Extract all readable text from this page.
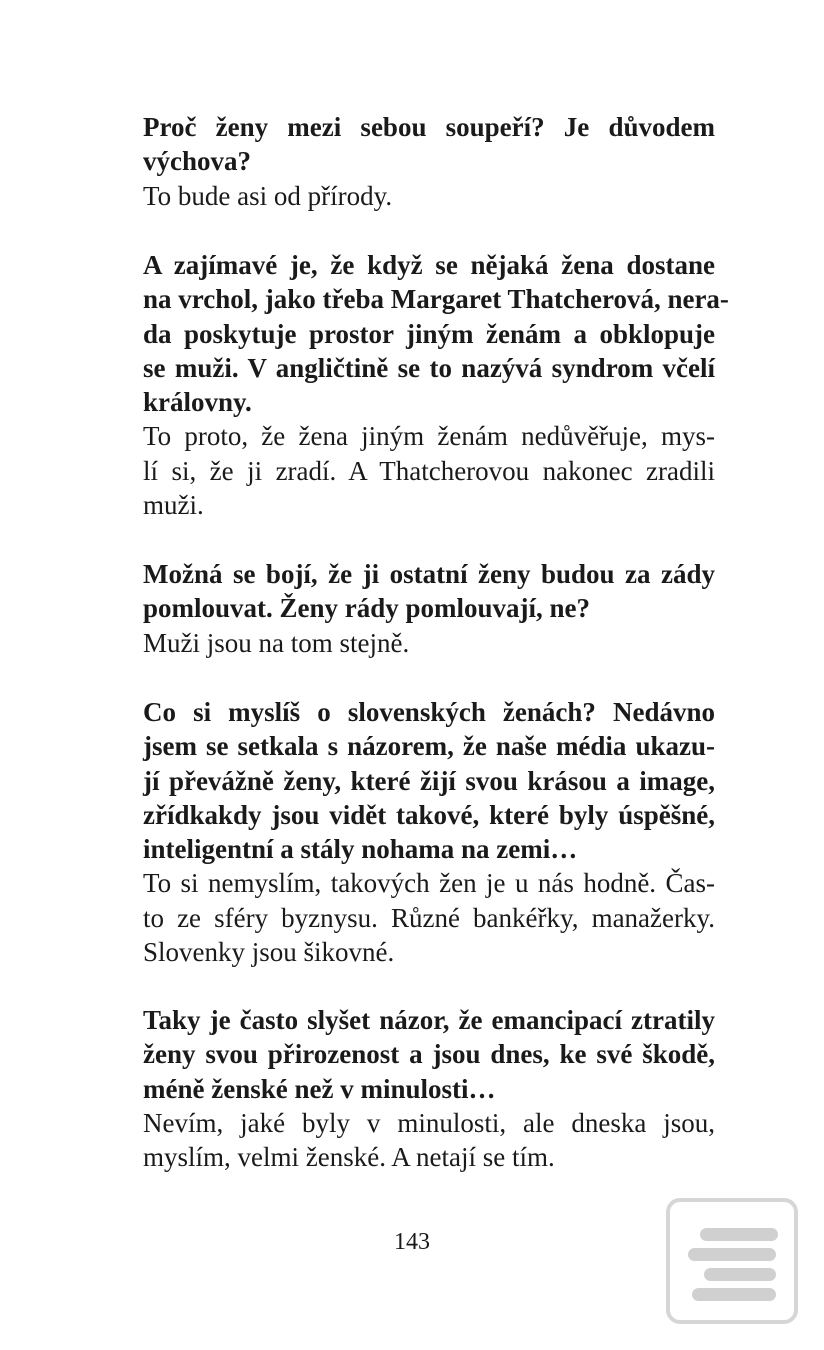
Proč ženy mezi sebou soupeří? Je důvodem
výchova?
To bude asi od přírody.
A zajímavé je, že když se nějaká žena dostane
na vrchol, jako třeba Margaret Thatcherová, nera-
da poskytuje prostor jiným ženám a obklopuje
se muži. V angličtině se to nazývá syndrom včelí
královny.
To proto, že žena jiným ženám nedůvěřuje, mys-
lí si, že ji zradí. A Thatcherovou nakonec zradili
muži.
Možná se bojí, že ji ostatní ženy budou za zády
pomlouvat. Ženy rády pomlouvají, ne?
Muži jsou na tom stejně.
Co si myslíš o slovenských ženách? Nedávno
jsem se setkala s názorem, že naše média ukazu-
jí převážně ženy, které žijí svou krásou a image,
zřídkakdy jsou vidět takové, které byly úspěšné,
inteligentní a stály nohama na zemi…
To si nemyslím, takových žen je u nás hodně. Čas-
to ze sféry byznysu. Různé bankéřky, manažerky.
Slovenky jsou šikovné.
Taky je často slyšet názor, že emancipací ztratily
ženy svou přirozenost a jsou dnes, ke své škodě,
méně ženské než v minulosti…
Nevím, jaké byly v minulosti, ale dneska jsou,
myslím, velmi ženské. A netají se tím.
143
